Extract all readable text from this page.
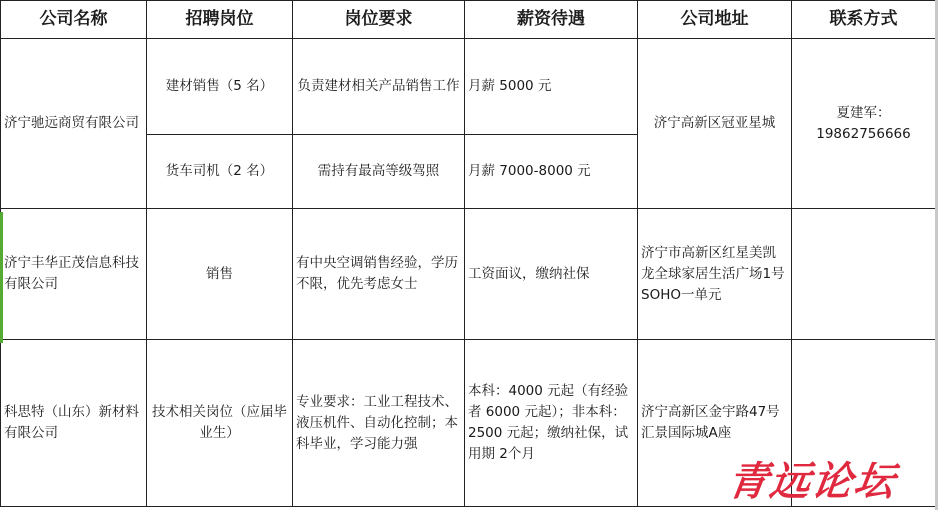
公司名称	招聘岗位	岗位要求	薪资待遇	公司地址	联系方式
济宁驰远商贸有限公司	建材销售（5 名）	负责建材相关产品销售工作	月薪 5000 元	济宁高新区冠亚星城	夏建军：19862756666
	货车司机（2 名）	需持有最高等级驾照	月薪 7000-8000 元		
济宁丰华正茂信息科技有限公司	销售	有中央空调销售经验，学历不限，优先考虑女士	工资面议，缴纳社保	济宁市高新区红星美凯龙全球家居生活广场1号SOHO一单元	
科思特（山东）新材料有限公司	技术相关岗位（应届毕业生）	专业要求：工业工程技术、液压机件、自动化控制；本科毕业，学习能力强	本科：4000 元起（有经验者 6000 元起）；非本科：2500 元起；缴纳社保，试用期 2个月	济宁高新区金宇路47号汇景国际城A座	
青远论坛
